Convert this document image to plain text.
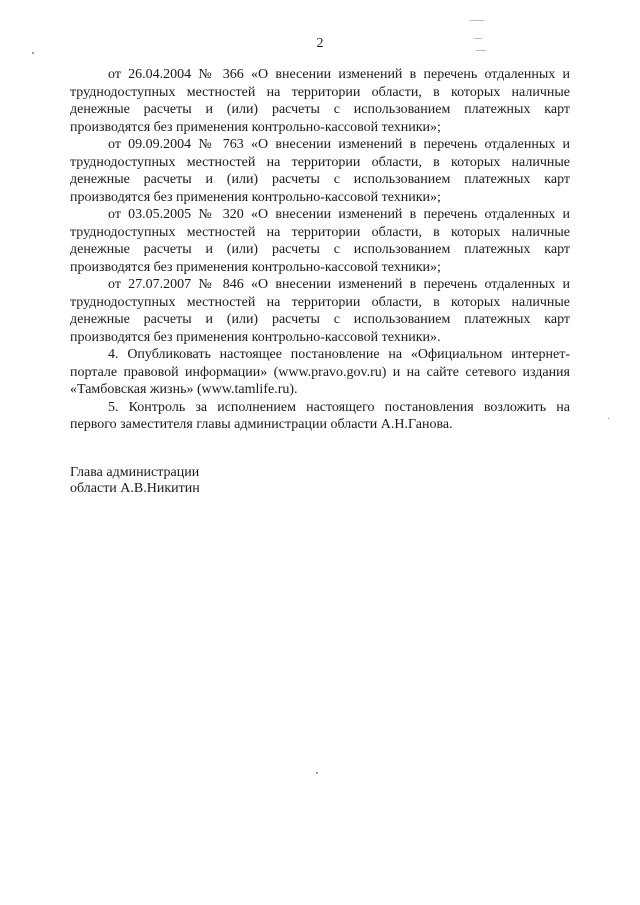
2

от 26.04.2004 № 366 «О внесении изменений в перечень отдаленных и труднодоступных местностей на территории области, в которых наличные денежные расчеты и (или) расчеты с использованием платежных карт производятся без применения контрольно-кассовой техники»;

от 09.09.2004 № 763 «О внесении изменений в перечень отдаленных и труднодоступных местностей на территории области, в которых наличные денежные расчеты и (или) расчеты с использованием платежных карт производятся без применения контрольно-кассовой техники»;

от 03.05.2005 № 320 «О внесении изменений в перечень отдаленных и труднодоступных местностей на территории области, в которых наличные денежные расчеты и (или) расчеты с использованием платежных карт производятся без применения контрольно-кассовой техники»;

от 27.07.2007 № 846 «О внесении изменений в перечень отдаленных и труднодоступных местностей на территории области, в которых наличные денежные расчеты и (или) расчеты с использованием платежных карт производятся без применения контрольно-кассовой техники».

4. Опубликовать настоящее постановление на «Официальном интернет-портале правовой информации» (www.pravo.gov.ru) и на сайте сетевого издания «Тамбовская жизнь» (www.tamlife.ru).

5. Контроль за исполнением настоящего постановления возложить на первого заместителя главы администрации области А.Н.Ганова.

Глава администрации
области А.В.Никитин
